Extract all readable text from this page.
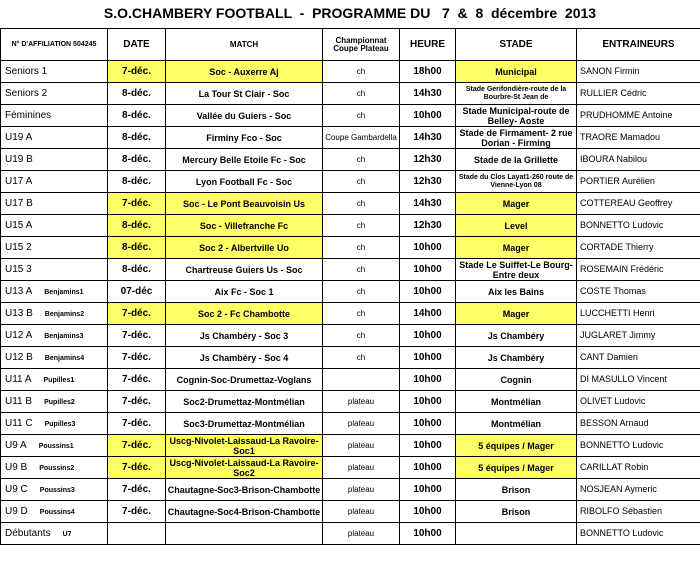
S.O.CHAMBERY FOOTBALL  -  PROGRAMME DU   7  &  8  décembre  2013
N° D'AFFILIATION 504245	DATE	MATCH	Championnat Coupe Plateau	HEURE	STADE	ENTRAINEURS
Seniors 1	7-déc.	Soc - Auxerre Aj	ch	18h00	Municipal	SANON Firmin
Seniors 2	8-déc.	La Tour St Clair - Soc	ch	14h30	Stade Gerifondière-route de la Bourbre-St Jean de	RULLIER Cédric
Féminines	8-déc.	Vallée du Guiers - Soc	ch	10h00	Stade Municipal-route de Belley- Aoste	PRUDHOMME Antoine
U19 A	8-déc.	Firminy Fco - Soc	Coupe Gambardella	14h30	Stade de Firmament- 2 rue Dorian - Firming	TRAORE Mamadou
U19 B	8-déc.	Mercury Belle Etoile Fc - Soc	ch	12h30	Stade de la Grillette	IBOURA Nabilou
U17 A	8-déc.	Lyon Football Fc - Soc	ch	12h30	Stade du Clos Layat1-260 route de Vienne-Lyon 08	PORTIER Aurélien
U17 B	7-déc.	Soc - Le Pont Beauvoisin Us	ch	14h30	Mager	COTTEREAU Geoffrey
U15 A	8-déc.	Soc - Villefranche Fc	ch	12h30	Level	BONNETTO Ludovic
U15 2	8-déc.	Soc 2 - Albertville Uo	ch	10h00	Mager	CORTADE Thierry
U15 3	8-déc.	Chartreuse Guiers Us - Soc	ch	10h00	Stade Le Suiffet-Le Bourg-Entre deux	ROSEMAIN Frédéric
U13 A Benjamins1	07-déc	Aix Fc - Soc 1	ch	10h00	Aix les Bains	COSTE Thomas
U13 B Benjamins2	7-déc.	Soc 2 - Fc Chambotte	ch	14h00	Mager	LUCCHETTI Henri
U12 A Benjamins3	7-déc.	Js Chambéry - Soc 3	ch	10h00	Js Chambéry	JUGLARET Jimmy
U12 B Benjamins4	7-déc.	Js Chambéry - Soc 4	ch	10h00	Js Chambéry	CANT Damien
U11 A Pupilles1	7-déc.	Cognin-Soc-Drumettaz-Voglans		10h00	Cognin	DI MASULLO Vincent
U11 B Pupilles2	7-déc.	Soc2-Drumettaz-Montmélian	plateau	10h00	Montmélian	OLIVET Ludovic
U11 C Pupilles3	7-déc.	Soc3-Drumettaz-Montmélian	plateau	10h00	Montmélian	BESSON Arnaud
U9 A Poussins1	7-déc.	Uscg-Nivolet-Laissaud-La Ravoire-Soc1	plateau	10h00	5 équipes / Mager	BONNETTO Ludovic
U9 B Poussins2	7-déc.	Uscg-Nivolet-Laissaud-La Ravoire-Soc2	plateau	10h00	5 équipes / Mager	CARILLAT Robin
U9 C Poussins3	7-déc.	Chautagne-Soc3-Brison-Chambotte	plateau	10h00	Brison	NOSJEAN Aymeric
U9 D Poussins4	7-déc.	Chautagne-Soc4-Brison-Chambotte	plateau	10h00	Brison	RIBOLFO Sébastien
Débutants U7			plateau	10h00		BONNETTO Ludovic
